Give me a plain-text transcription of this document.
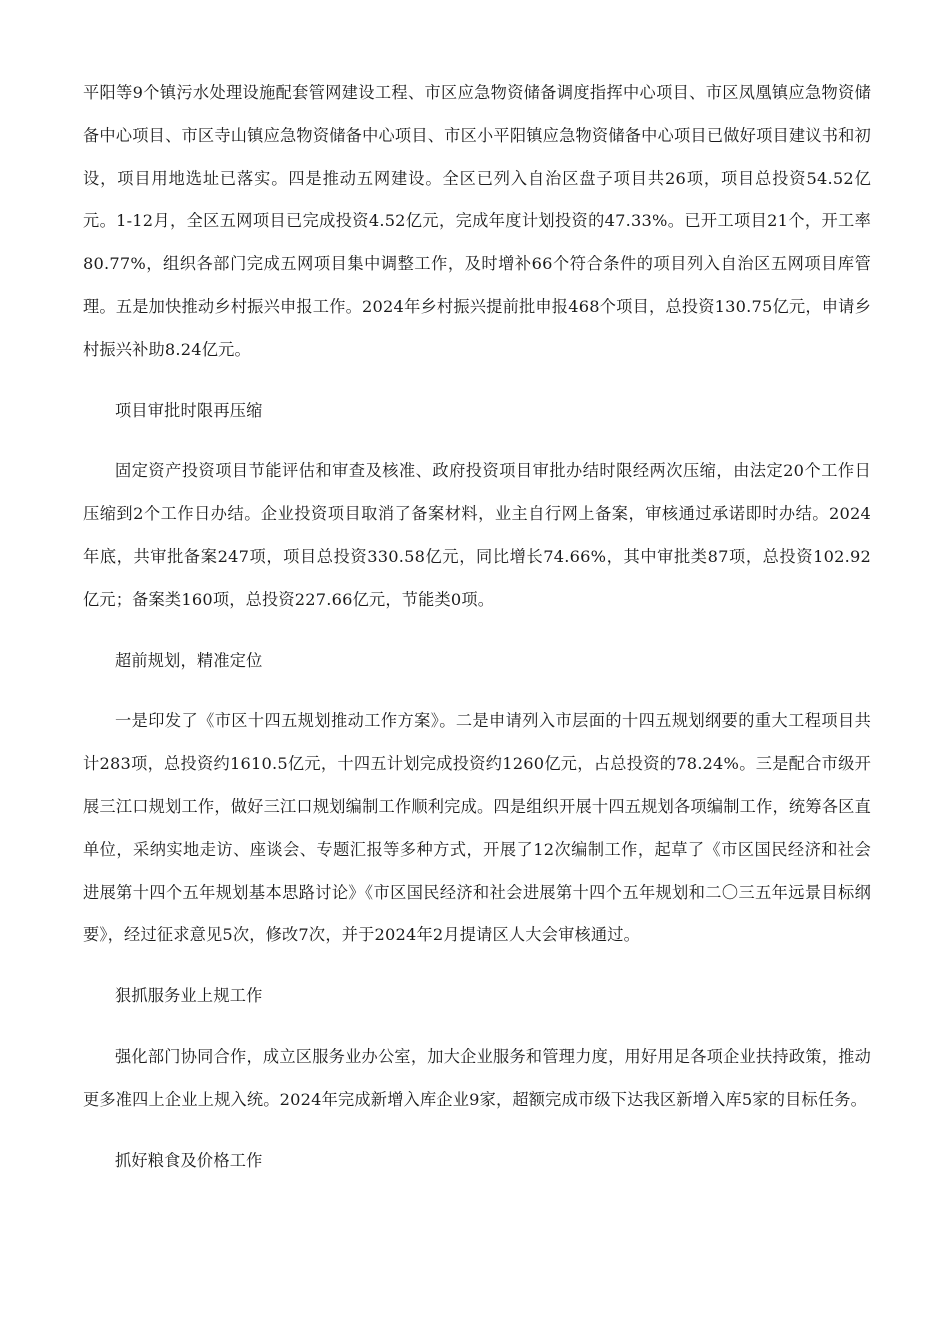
平阳等9个镇污水处理设施配套管网建设工程、市区应急物资储备调度指挥中心项目、市区凤凰镇应急物资储备中心项目、市区寺山镇应急物资储备中心项目、市区小平阳镇应急物资储备中心项目已做好项目建议书和初设，项目用地选址已落实。四是推动五网建设。全区已列入自治区盘子项目共26项，项目总投资54.52亿元。1-12月，全区五网项目已完成投资4.52亿元，完成年度计划投资的47.33%。已开工项目21个，开工率80.77%，组织各部门完成五网项目集中调整工作，及时增补66个符合条件的项目列入自治区五网项目库管理。五是加快推动乡村振兴申报工作。2024年乡村振兴提前批申报468个项目，总投资130.75亿元，申请乡村振兴补助8.24亿元。

项目审批时限再压缩

固定资产投资项目节能评估和审查及核准、政府投资项目审批办结时限经两次压缩，由法定20个工作日压缩到2个工作日办结。企业投资项目取消了备案材料，业主自行网上备案，审核通过承诺即时办结。2024年底，共审批备案247项，项目总投资330.58亿元，同比增长74.66%，其中审批类87项，总投资102.92亿元；备案类160项，总投资227.66亿元，节能类0项。

超前规划，精准定位

一是印发了《市区十四五规划推动工作方案》。二是申请列入市层面的十四五规划纲要的重大工程项目共计283项，总投资约1610.5亿元，十四五计划完成投资约1260亿元，占总投资的78.24%。三是配合市级开展三江口规划工作，做好三江口规划编制工作顺利完成。四是组织开展十四五规划各项编制工作，统筹各区直单位，采纳实地走访、座谈会、专题汇报等多种方式，开展了12次编制工作，起草了《市区国民经济和社会进展第十四个五年规划基本思路讨论》《市区国民经济和社会进展第十四个五年规划和二〇三五年远景目标纲要》，经过征求意见5次，修改7次，并于2024年2月提请区人大会审核通过。

狠抓服务业上规工作

强化部门协同合作，成立区服务业办公室，加大企业服务和管理力度，用好用足各项企业扶持政策，推动更多准四上企业上规入统。2024年完成新增入库企业9家，超额完成市级下达我区新增入库5家的目标任务。

抓好粮食及价格工作
